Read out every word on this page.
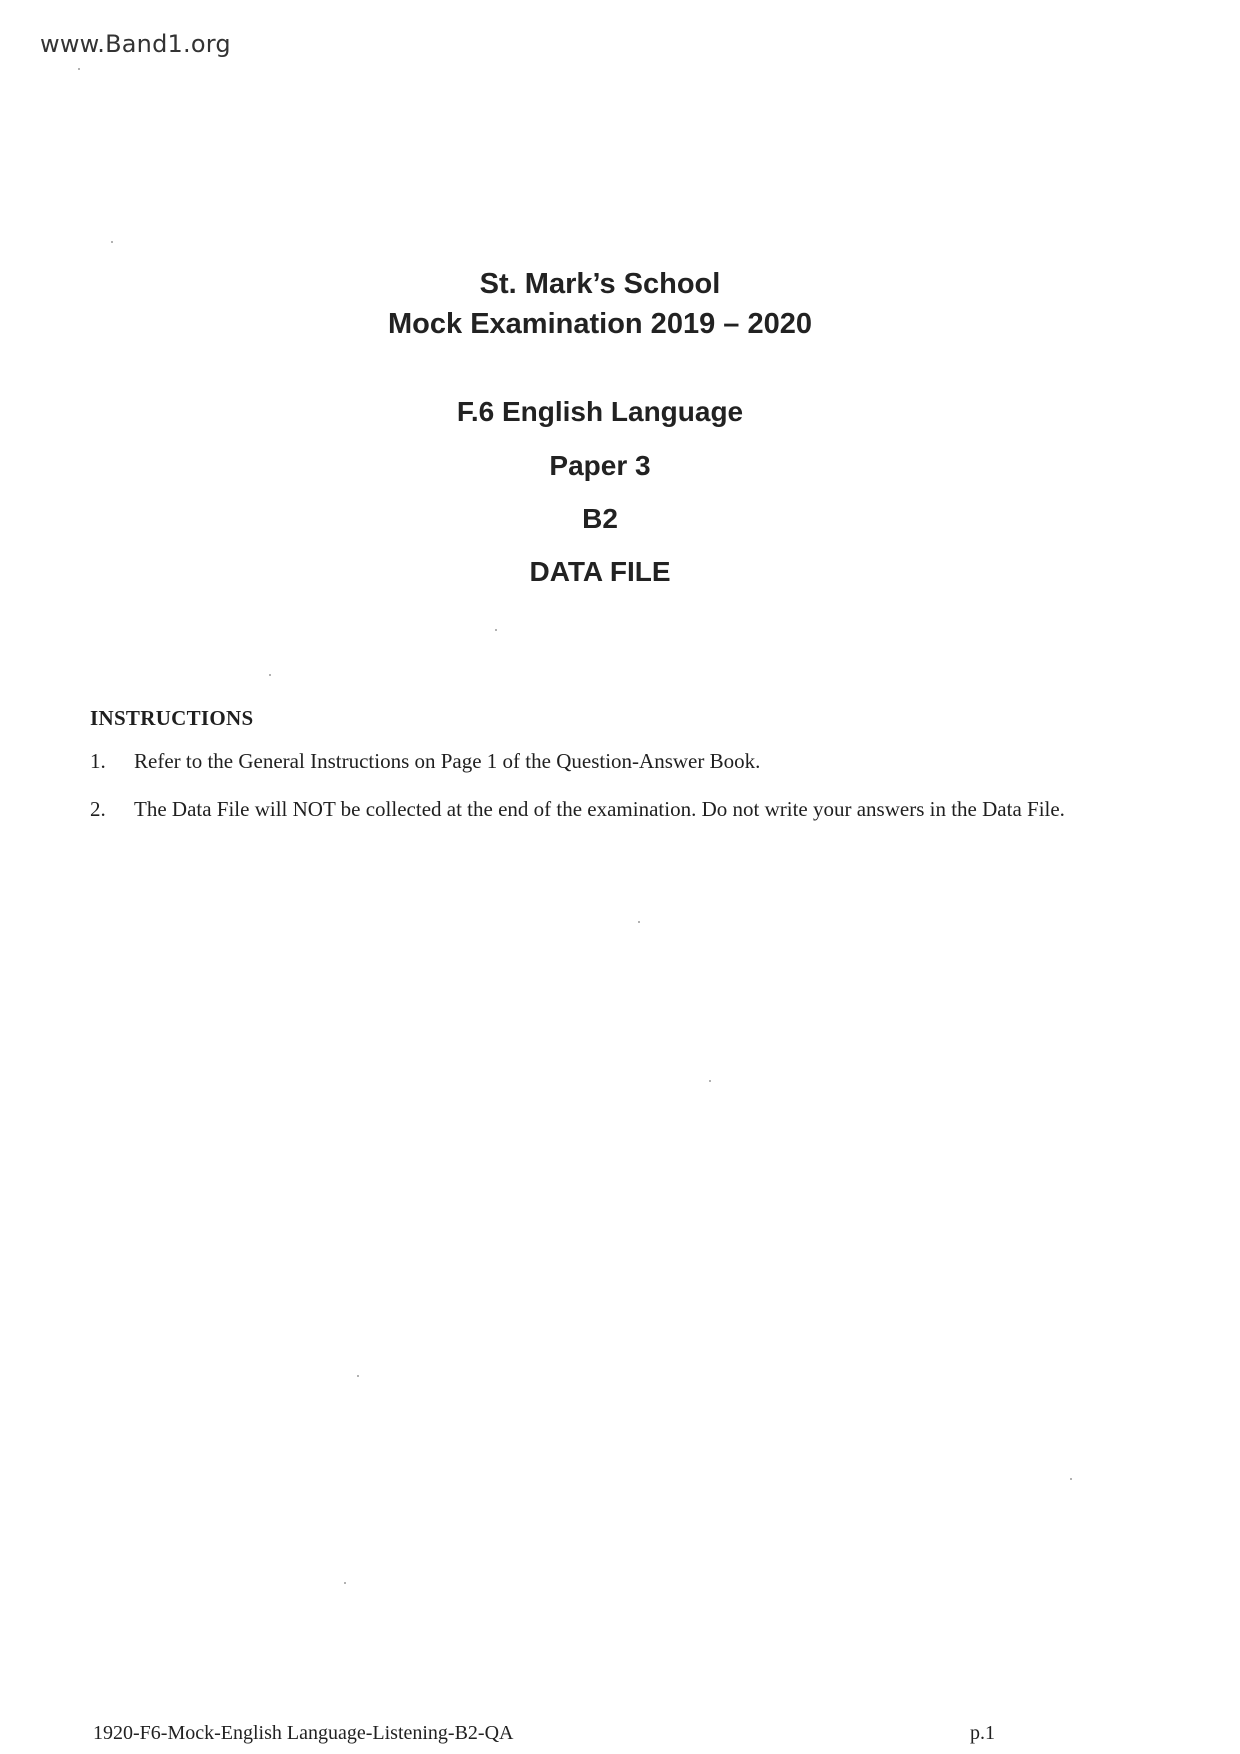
www.Band1.org
St. Mark’s School
Mock Examination 2019 – 2020
F.6 English Language
Paper 3
B2
DATA FILE
INSTRUCTIONS
1.	Refer to the General Instructions on Page 1 of the Question-Answer Book.
2.	The Data File will NOT be collected at the end of the examination. Do not write your answers in the Data File.
1920-F6-Mock-English Language-Listening-B2-QA	p.1
